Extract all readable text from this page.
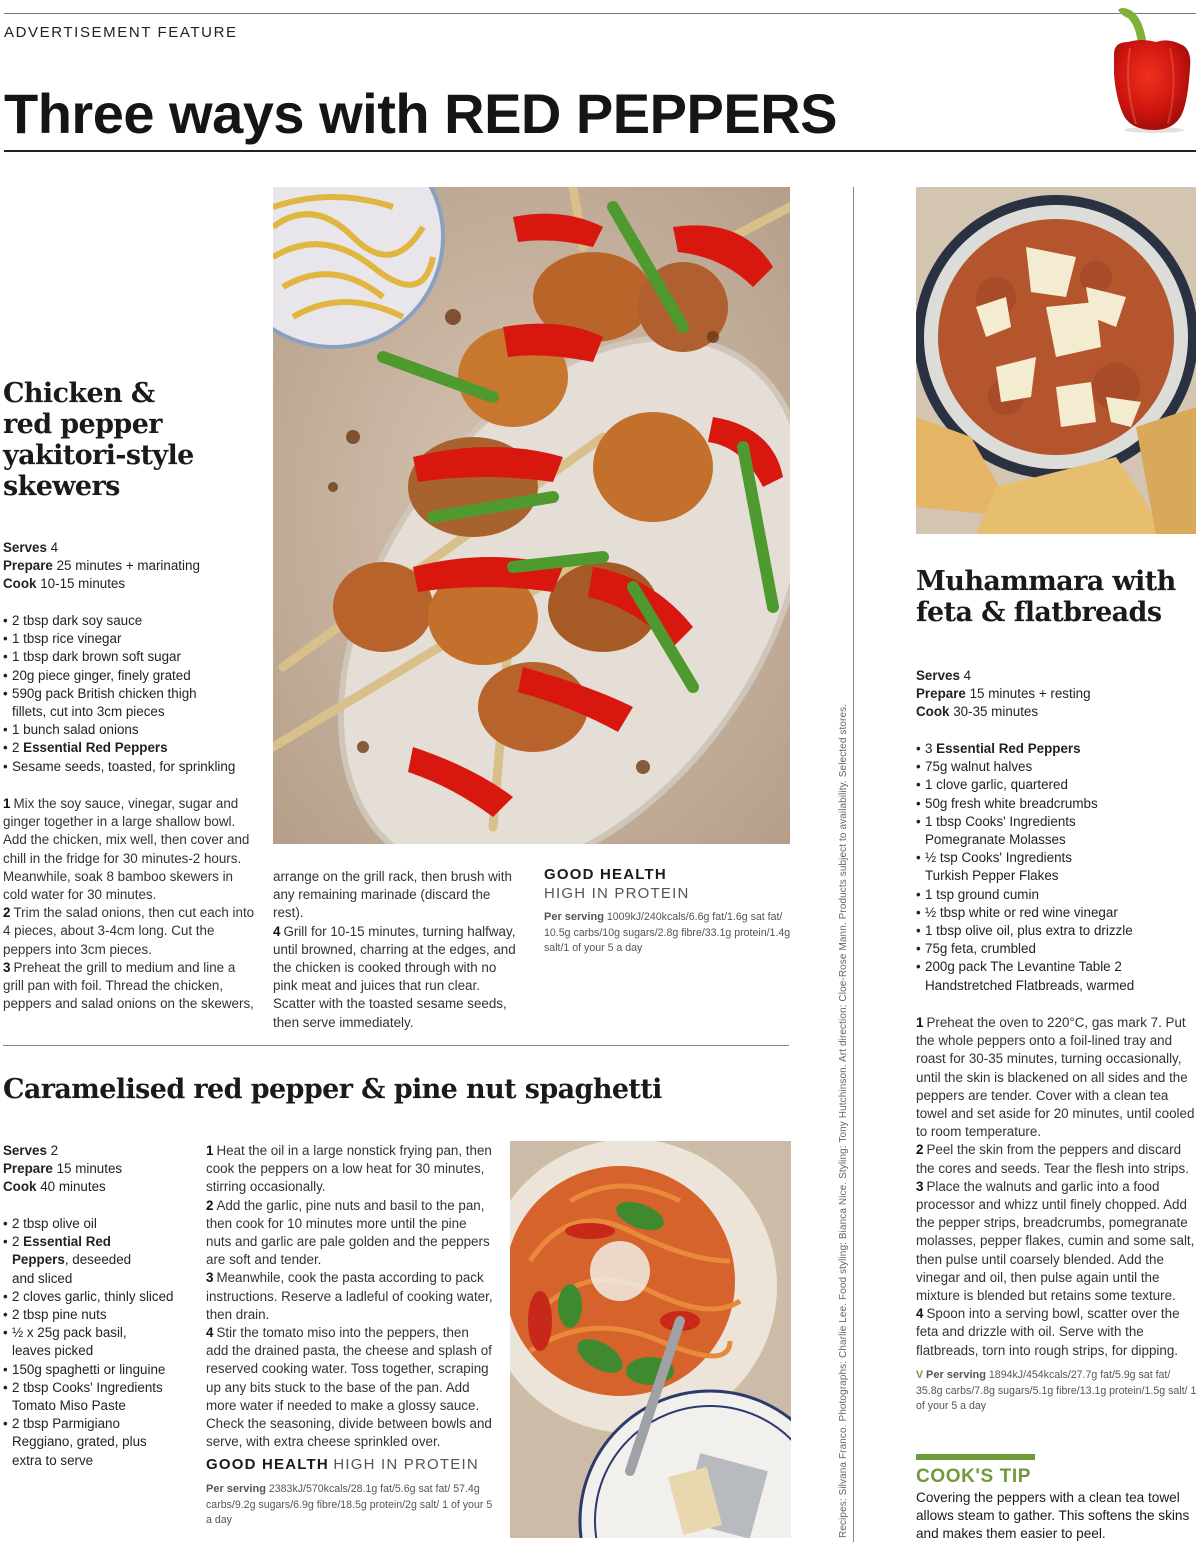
ADVERTISEMENT FEATURE
Three ways with RED PEPPERS
Chicken &
red pepper
yakitori-style
skewers
Serves 4
Prepare 25 minutes + marinating
Cook 10-15 minutes
• 2 tbsp dark soy sauce
• 1 tbsp rice vinegar
• 1 tbsp dark brown soft sugar
• 20g piece ginger, finely grated
• 590g pack British chicken thigh
fillets, cut into 3cm pieces
• 1 bunch salad onions
• 2 Essential Red Peppers
• Sesame seeds, toasted, for sprinkling

1 Mix the soy sauce, vinegar, sugar and ginger together in a large shallow bowl. Add the chicken, mix well, then cover and chill in the fridge for 30 minutes-2 hours. Meanwhile, soak 8 bamboo skewers in cold water for 30 minutes.

2 Trim the salad onions, then cut each into 4 pieces, about 3-4cm long. Cut the peppers into 3cm pieces.

3 Preheat the grill to medium and line a grill pan with foil. Thread the chicken, peppers and salad onions on the skewers,

arrange on the grill rack, then brush with any remaining marinade (discard the rest).

4 Grill for 10-15 minutes, turning halfway, until browned, charring at the edges, and the chicken is cooked through with no pink meat and juices that run clear. Scatter with the toasted sesame seeds, then serve immediately.

GOOD HEALTH
HIGH IN PROTEIN
Per serving 1009kJ/240kcals/6.6g fat/1.6g sat fat/ 10.5g carbs/10g sugars/2.8g fibre/33.1g protein/1.4g salt/1 of your 5 a day	Recipes: Silvana Franco. Photographs: Charlie Lee. Food styling: Bianca Nice. Styling: Tony Hutchinson. Art direction: Cloe-Rose Mann. Products subject to availability. Selected stores.
Muhammara with
feta & flatbreads
Serves 4
Prepare 15 minutes + resting
Cook 30-35 minutes
• 3 Essential Red Peppers
• 75g walnut halves
• 1 clove garlic, quartered
• 50g fresh white breadcrumbs
• 1 tbsp Cooks' Ingredients
Pomegranate Molasses
• ½ tsp Cooks' Ingredients
Turkish Pepper Flakes
• 1 tsp ground cumin
• ½ tbsp white or red wine vinegar
• 1 tbsp olive oil, plus extra to drizzle
• 75g feta, crumbled
• 200g pack The Levantine Table 2
Handstretched Flatbreads, warmed

1 Preheat the oven to 220°C, gas mark 7. Put the whole peppers onto a foil-lined tray and roast for 30-35 minutes, turning occasionally, until the skin is blackened on all sides and the peppers are tender. Cover with a clean tea towel and set aside for 20 minutes, until cooled to room temperature.

2 Peel the skin from the peppers and discard the cores and seeds. Tear the flesh into strips.

3 Place the walnuts and garlic into a food processor and whizz until finely chopped. Add the pepper strips, breadcrumbs, pomegranate molasses, pepper flakes, cumin and some salt, then pulse until coarsely blended. Add the vinegar and oil, then pulse again until the mixture is blended but retains some texture.

4 Spoon into a serving bowl, scatter over the feta and drizzle with oil. Serve with the flatbreads, torn into rough strips, for dipping.

V Per serving 1894kJ/454kcals/27.7g fat/5.9g sat fat/ 35.8g carbs/7.8g sugars/5.1g fibre/13.1g protein/1.5g salt/ 1 of your 5 a day
COOK'S TIP
Covering the peppers with a clean tea towel allows steam to gather. This softens the skins and makes them easier to peel.
Caramelised red pepper & pine nut spaghetti
Serves 2
Prepare 15 minutes
Cook 40 minutes
• 2 tbsp olive oil
• 2 Essential Red
Peppers, deseeded
and sliced
• 2 cloves garlic, thinly sliced
• 2 tbsp pine nuts
• ½ x 25g pack basil,
leaves picked
• 150g spaghetti or linguine
• 2 tbsp Cooks' Ingredients
Tomato Miso Paste
• 2 tbsp Parmigiano
Reggiano, grated, plus
extra to serve

1 Heat the oil in a large nonstick frying pan, then cook the peppers on a low heat for 30 minutes, stirring occasionally.

2 Add the garlic, pine nuts and basil to the pan, then cook for 10 minutes more until the pine nuts and garlic are pale golden and the peppers are soft and tender.

3 Meanwhile, cook the pasta according to pack instructions. Reserve a ladleful of cooking water, then drain.

4 Stir the tomato miso into the peppers, then add the drained pasta, the cheese and splash of reserved cooking water. Toss together, scraping up any bits stuck to the base of the pan. Add more water if needed to make a glossy sauce. Check the seasoning, divide between bowls and serve, with extra cheese sprinkled over.

GOOD HEALTH HIGH IN PROTEIN
Per serving 2383kJ/570kcals/28.1g fat/5.6g sat fat/ 57.4g carbs/9.2g sugars/6.9g fibre/18.5g protein/2g salt/ 1 of your 5 a day
